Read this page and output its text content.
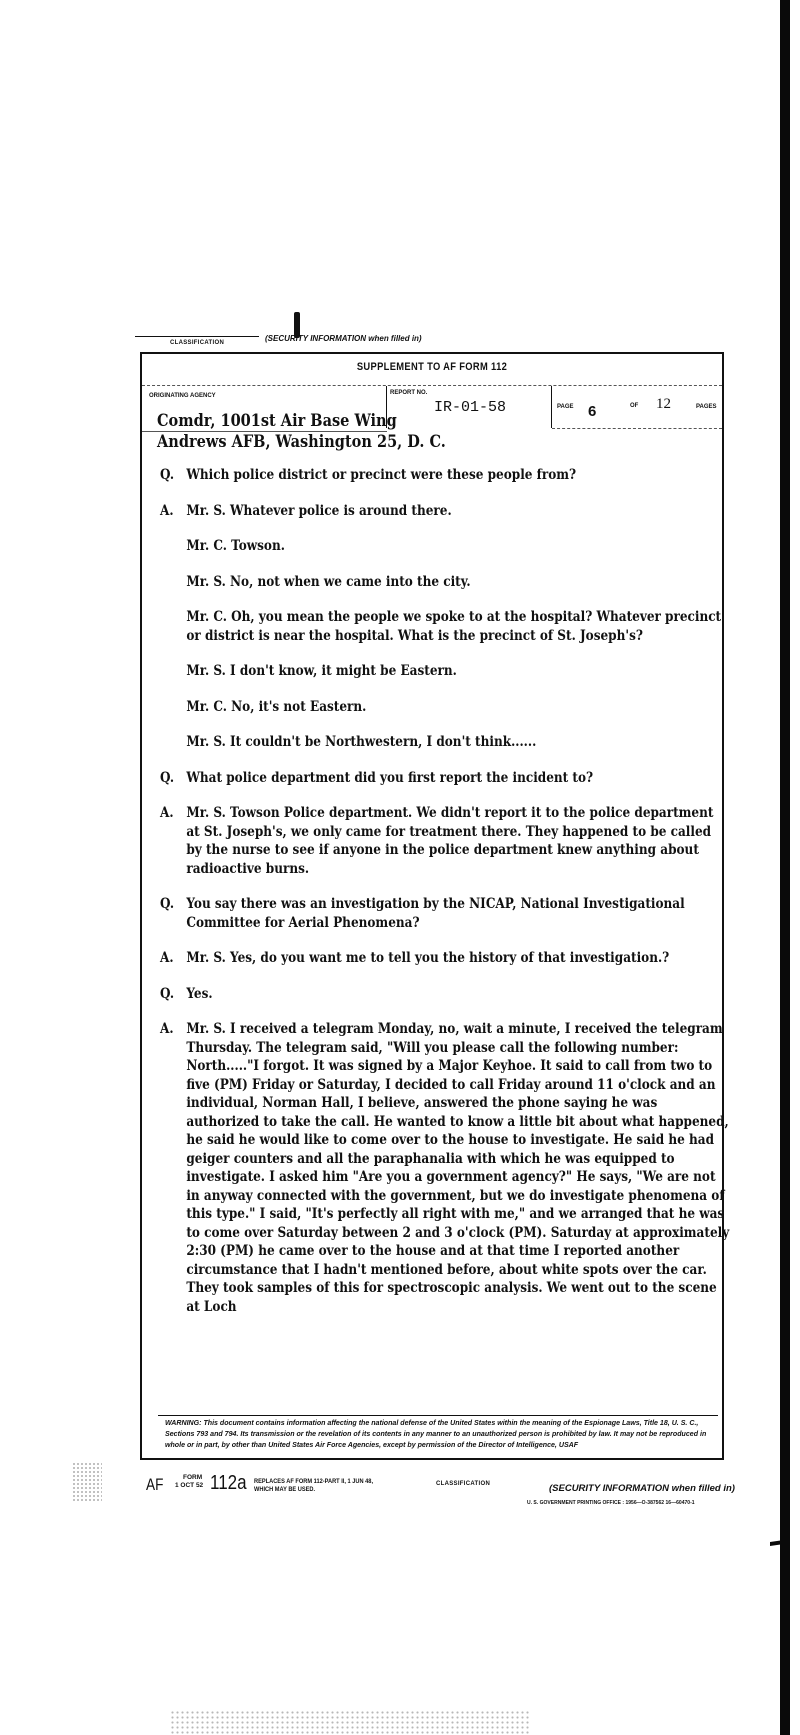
CLASSIFICATION	(SECURITY INFORMATION when filled in)
SUPPLEMENT TO AF FORM 112
ORIGINATING AGENCY
Comdr, 1001st Air Base Wing
Andrews AFB, Washington 25, D. C.
REPORT NO.
IR-01-58	PAGE 6	OF 12	PAGES
Q. Which police district or precinct were these people from?
A. Mr. S. Whatever police is around there.
Mr. C. Towson.
Mr. S. No, not when we came into the city.
Mr. C. Oh, you mean the people we spoke to at the hospital? Whatever precinct or district is near the hospital. What is the precinct of St. Joseph's?
Mr. S. I don't know, it might be Eastern.
Mr. C. No, it's not Eastern.
Mr. S. It couldn't be Northwestern, I don't think......
Q. What police department did you first report the incident to?
A. Mr. S. Towson Police department. We didn't report it to the police department at St. Joseph's, we only came for treatment there. They happened to be called by the nurse to see if anyone in the police department knew anything about radioactive burns.
Q. You say there was an investigation by the NICAP, National Investigational Committee for Aerial Phenomena?
A. Mr. S. Yes, do you want me to tell you the history of that investigation.?
Q. Yes.
A. Mr. S. I received a telegram Monday, no, wait a minute, I received the telegram Thursday. The telegram said, "Will you please call the following number: North....."I forgot. It was signed by a Major Keyhoe. It said to call from two to five (PM) Friday or Saturday, I decided to call Friday around 11 o'clock and an individual, Norman Hall, I believe, answered the phone saying he was authorized to take the call. He wanted to know a little bit about what happened, he said he would like to come over to the house to investigate. He said he had geiger counters and all the paraphanalia with which he was equipped to investigate. I asked him "Are you a government agency?" He says, "We are not in anyway connected with the government, but we do investigate phenomena of this type." I said, "It's perfectly all right with me," and we arranged that he was to come over Saturday between 2 and 3 o'clock (PM). Saturday at approximately 2:30 (PM) he came over to the house and at that time I reported another circumstance that I hadn't mentioned before, about white spots over the car. They took samples of this for spectroscopic analysis. We went out to the scene at Loch
WARNING: This document contains information affecting the national defense of the United States within the meaning of the Espionage Laws, Title 18, U. S. C., Sections 793 and 794. Its transmission or the revelation of its contents in any manner to an unauthorized person is prohibited by law. It may not be reproduced in whole or in part, by other than United States Air Force Agencies, except by permission of the Director of Intelligence, USAF
AF	FORM
1 OCT 52 112a REPLACES AF FORM 112-PART II, 1 JUN 48,
WHICH MAY BE USED.
CLASSIFICATION	(SECURITY INFORMATION when filled in)
U. S. GOVERNMENT PRINTING OFFICE : 1956—O-387562 16—60470-1
